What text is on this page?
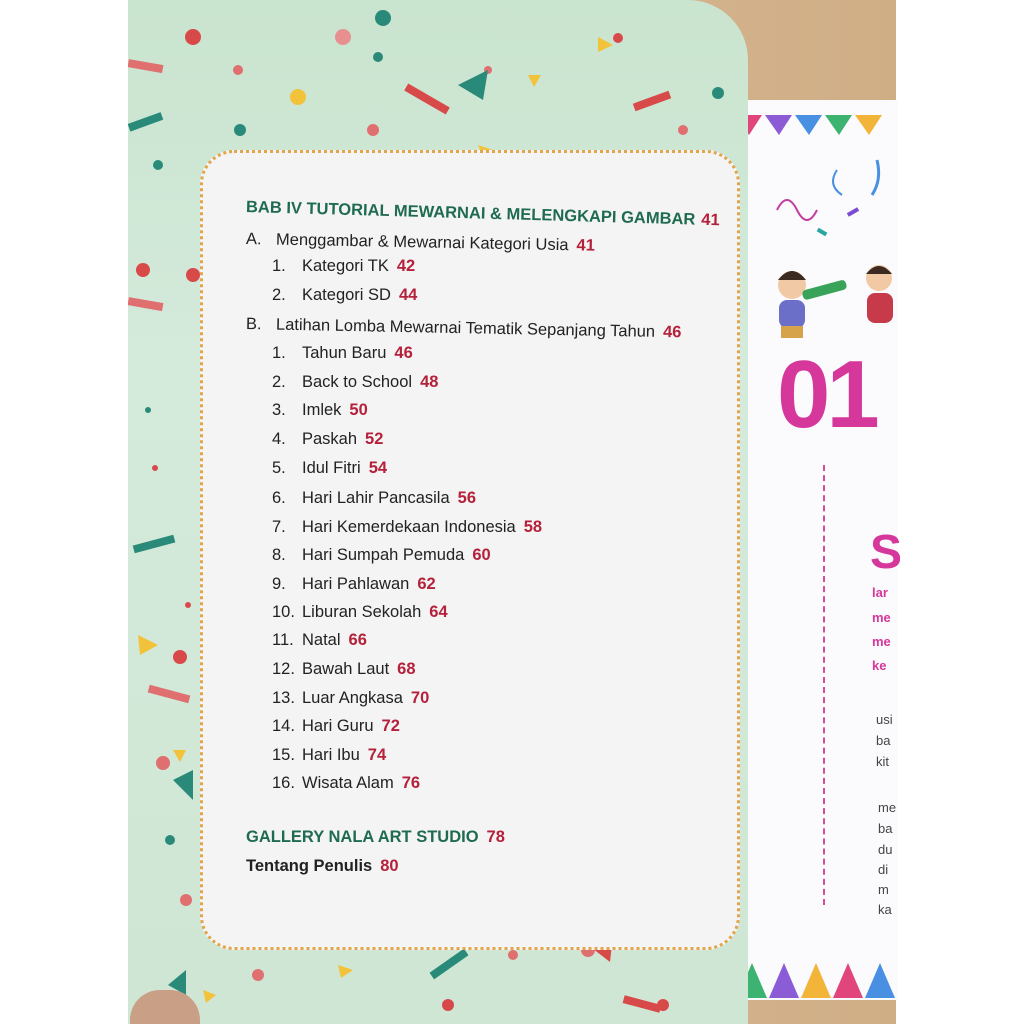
01
S
lar
me
me
ke
usi
ba
kit
me
ba
du
di
m
ka
BAB IV TUTORIAL MEWARNAI & MELENGKAPI GAMBAR 41
A. Menggambar & Mewarnai Kategori Usia 41
1. Kategori TK 42
2. Kategori SD 44
B. Latihan Lomba Mewarnai Tematik Sepanjang Tahun 46
1. Tahun Baru 46
2. Back to School 48
3. Imlek 50
4. Paskah 52
5. Idul Fitri 54
6. Hari Lahir Pancasila 56
7. Hari Kemerdekaan Indonesia 58
8. Hari Sumpah Pemuda 60
9. Hari Pahlawan 62
10. Liburan Sekolah 64
11. Natal 66
12. Bawah Laut 68
13. Luar Angkasa 70
14. Hari Guru 72
15. Hari Ibu 74
16. Wisata Alam 76
GALLERY NALA ART STUDIO 78
Tentang Penulis 80
